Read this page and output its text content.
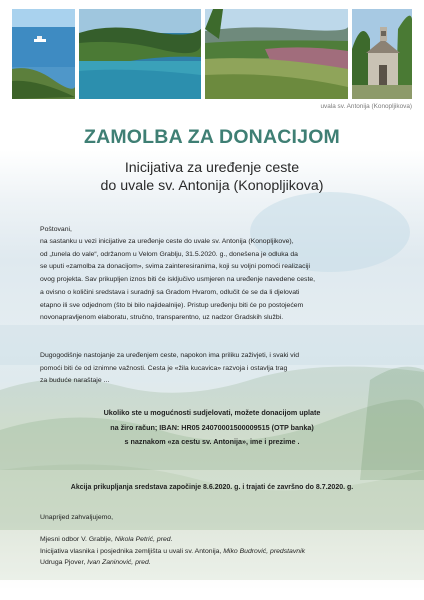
uvala sv. Antonija (Konopljikova)
ZAMOLBA ZA DONACIJOM
Inicijativa za uređenje ceste
do uvale sv. Antonija (Konopljikova)
Poštovani,
na sastanku u vezi inicijative za uređenje ceste do uvale sv. Antonija (Konopljikove),
od „tunela do vale“, održanom u Velom Grablju, 31.5.2020. g., donešena je odluka da
se uputi «zamolba za donacijom», svima zainteresiranima, koji su voljni pomoći realizaciji
ovog projekta. Sav prikupljen iznos biti će isključivo usmjeren na uređenje navedene ceste,
a ovisno o količini sredstava i suradnji sa Gradom Hvarom, odlučit će se da li djelovati
etapno ili sve odjednom (što bi bilo najidealnije). Pristup uređenju biti će po postojećem
novonapravljenom elaboratu, stručno, transparentno, uz nadzor Gradskih službi.
Dugogodišnje nastojanje za uređenjem ceste, napokon ima priliku zaživjeti, i svaki vid
pomoći biti će od iznimne važnosti. Cesta je «žila kucavica» razvoja i ostavlja trag
za buduće naraštaje ...
Ukoliko ste u mogućnosti sudjelovati, možete donacijom uplate
na žiro račun; IBAN: HR05 24070001500009515 (OTP banka)
s naznakom «za cestu sv. Antonija», ime i prezime .
Akcija prikupljanja sredstava započinje 8.6.2020. g. i trajati će završno do 8.7.2020. g.
Unaprijed zahvaljujemo,
Mjesni odbor V. Grablje, Nikola Petrić, pred.
Inicijativa vlasnika i posjednika zemljišta u uvali sv. Antonija, Miko Budrović, predstavnik
Udruga Pjover, Ivan Zaninović, pred.
